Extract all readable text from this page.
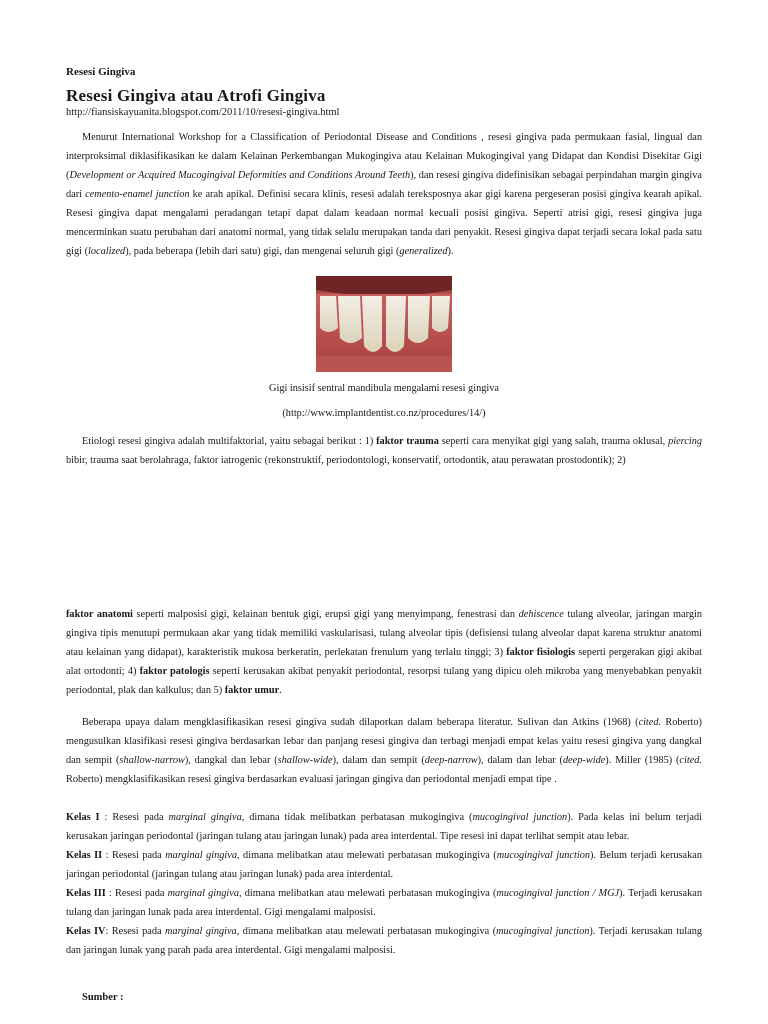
Resesi Gingiva
Resesi Gingiva atau Atrofi Gingiva
http://fiansiskayuanita.blogspot.com/2011/10/resesi-gingiva.html

Menurut International Workshop for a Classification of Periodontal Disease and Conditions , resesi gingiva pada permukaan fasial, lingual dan interproksimal diklasifikasikan ke dalam Kelainan Perkembangan Mukogingiva atau Kelainan Mukogingival yang Didapat dan Kondisi Disekitar Gigi (Development or Acquired Mucogingival Deformities and Conditions Around Teeth), dan resesi gingiva didefinisikan sebagai perpindahan margin gingiva dari cemento-enamel junction ke arah apikal. Definisi secara klinis, resesi adalah tereksposnya akar gigi karena pergeseran posisi gingiva kearah apikal. Resesi gingiva dapat mengalami peradangan tetapi dapat dalam keadaan normal kecuali posisi gingiva. Seperti atrisi gigi, resesi gingiva juga mencerminkan suatu perubahan dari anatomi normal, yang tidak selalu merupakan tanda dari penyakit. Resesi gingiva dapat terjadi secara lokal pada satu gigi (localized), pada beberapa (lebih dari satu) gigi, dan mengenai seluruh gigi (generalized).

Gigi insisif sentral mandibula mengalami resesi gingiva
(http://www.implantdentist.co.nz/procedures/14/)

Etiologi resesi gingiva adalah multifaktorial, yaitu sebagai berikut : 1) faktor trauma seperti cara menyikat gigi yang salah, trauma oklusal, piercing bibir, trauma saat berolahraga, faktor iatrogenic (rekonstruktif, periodontologi, konservatif, ortodontik, atau perawatan prostodontik); 2)

faktor anatomi seperti malposisi gigi, kelainan bentuk gigi, erupsi gigi yang menyimpang, fenestrasi dan dehiscence tulang alveolar, jaringan margin gingiva tipis menutupi permukaan akar yang tidak memiliki vaskularisasi, tulang alveolar tipis (defisiensi tulang alveolar dapat karena struktur anatomi atau kelainan yang didapat), karakteristik mukosa berkeratin, perlekatan frenulum yang terlalu tinggi; 3) faktor fisiologis seperti pergerakan gigi akibat alat ortodonti; 4) faktor patologis seperti kerusakan akibat penyakit periodontal, resorpsi tulang yang dipicu oleh mikroba yang menyebabkan penyakit periodontal, plak dan kalkulus; dan 5) faktor umur.

Beberapa upaya dalam mengklasifikasikan resesi gingiva sudah dilaporkan dalam beberapa literatur. Sulivan dan Atkins (1968) (cited. Roberto) mengusulkan klasifikasi resesi gingiva berdasarkan lebar dan panjang resesi gingiva dan terbagi menjadi empat kelas yaitu resesi gingiva yang dangkal dan sempit (shallow-narrow), dangkal dan lebar (shallow-wide), dalam dan sempit (deep-narrow), dalam dan lebar (deep-wide). Miller (1985) (cited. Roberto) mengklasifikasikan resesi gingiva berdasarkan evaluasi jaringan gingiva dan periodontal menjadi empat tipe .

Kelas I : Resesi pada marginal gingiva, dimana tidak melibatkan perbatasan mukogingiva (mucogingival junction). Pada kelas ini belum terjadi kerusakan jaringan periodontal (jaringan tulang atau jaringan lunak) pada area interdental. Tipe resesi ini dapat terlihat sempit atau lebar.

Kelas II : Resesi pada marginal gingiva, dimana melibatkan atau melewati perbatasan mukogingiva (mucogingival junction). Belum terjadi kerusakan jaringan periodontal (jaringan tulang atau jaringan lunak) pada area interdental.

Kelas III : Resesi pada marginal gingiva, dimana melibatkan atau melewati perbatasan mukogingiva (mucogingival junction / MGJ). Terjadi kerusakan tulang dan jaringan lunak pada area interdental. Gigi mengalami malposisi.

Kelas IV: Resesi pada marginal gingiva, dimana melibatkan atau melewati perbatasan mukogingiva (mucogingival junction). Terjadi kerusakan tulang dan jaringan lunak yang parah pada area interdental. Gigi mengalami malposisi.

Sumber :
